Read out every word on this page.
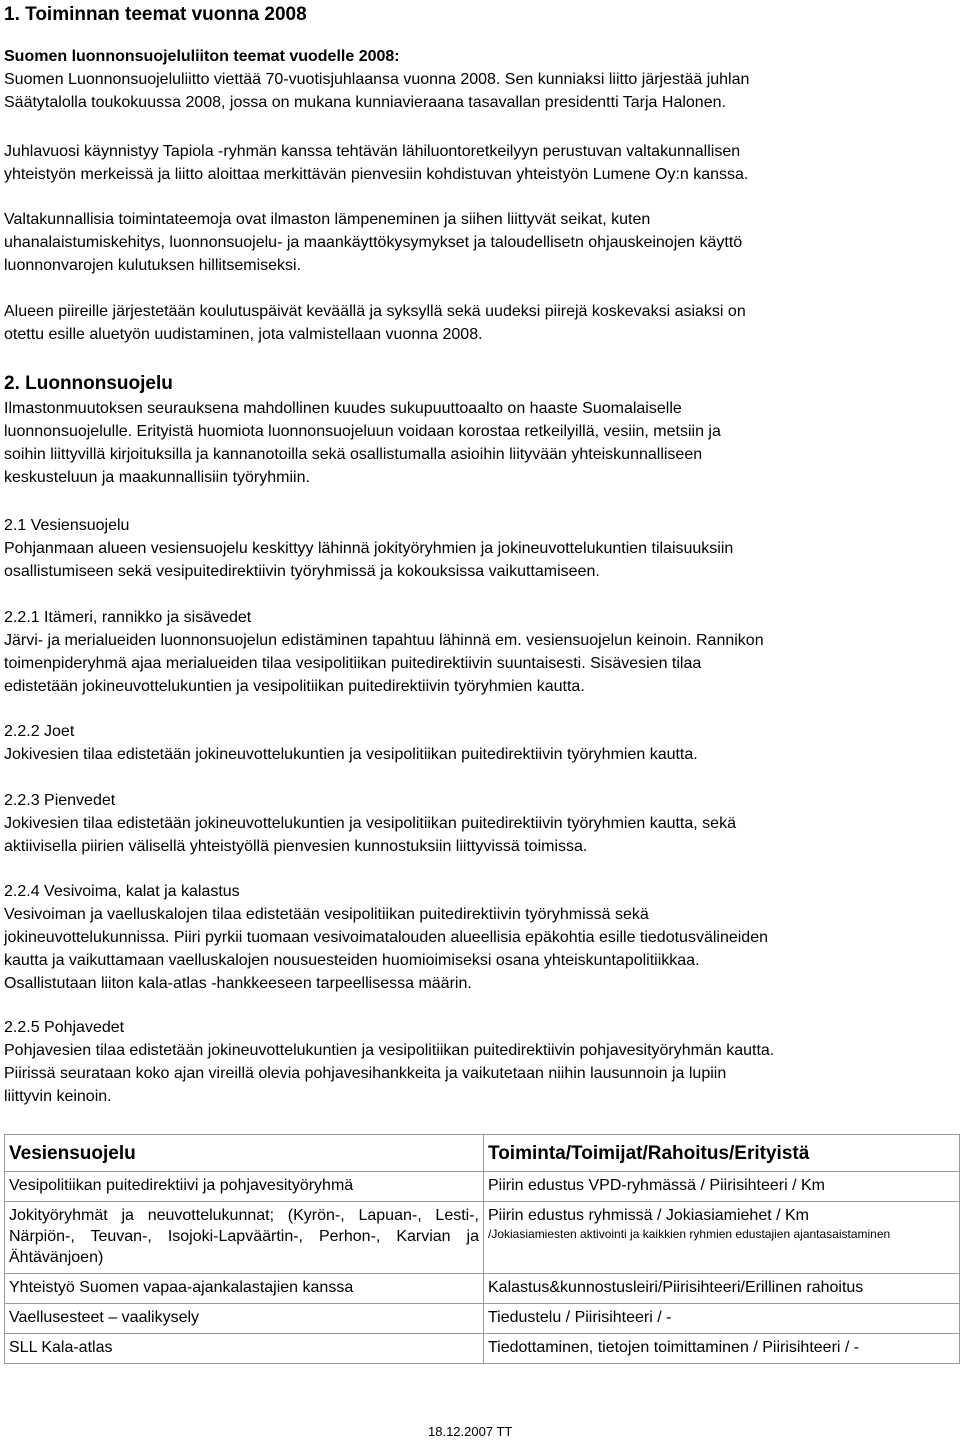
1. Toiminnan teemat vuonna 2008
Suomen luonnonsuojeluliiton teemat vuodelle 2008:
Suomen Luonnonsuojeluliitto viettää 70-vuotisjuhlaansa vuonna 2008. Sen kunniaksi liitto järjestää juhlan
Säätytalolla toukokuussa 2008, jossa on mukana kunniavieraana tasavallan presidentti Tarja Halonen.
Juhlavuosi käynnistyy Tapiola -ryhmän kanssa tehtävän lähiluontoretkeilyyn perustuvan valtakunnallisen
yhteistyön merkeissä ja liitto aloittaa merkittävän pienvesiin kohdistuvan yhteistyön Lumene Oy:n kanssa.
Valtakunnallisia toimintateemoja ovat ilmaston lämpeneminen ja siihen liittyvät seikat, kuten
uhanalaistumiskehitys, luonnonsuojelu- ja maankäyttökysymykset ja taloudellisetn ohjauskeinojen käyttö
luonnonvarojen kulutuksen hillitsemiseksi.
Alueen piireille järjestetään koulutuspäivät keväällä ja syksyllä sekä uudeksi piirejä koskevaksi asiaksi on
otettu esille aluetyön uudistaminen, jota valmistellaan vuonna 2008.
2. Luonnonsuojelu
Ilmastonmuutoksen seurauksena mahdollinen kuudes sukupuuttoaalto on haaste Suomalaiselle
luonnonsuojelulle. Erityistä huomiota luonnonsuojeluun voidaan korostaa retkeilyillä, vesiin, metsiin ja
soihin liittyvillä kirjoituksilla ja kannanotoilla sekä osallistumalla asioihin liityvään yhteiskunnalliseen
keskusteluun ja maakunnallisiin työryhmiin.
2.1 Vesiensuojelu
Pohjanmaan alueen vesiensuojelu keskittyy lähinnä jokityöryhmien ja jokineuvottelukuntien tilaisuuksiin
osallistumiseen sekä vesipuitedirektiivin työryhmissä ja kokouksissa vaikuttamiseen.
2.2.1 Itämeri, rannikko ja sisävedet
Järvi- ja merialueiden luonnonsuojelun edistäminen tapahtuu lähinnä em. vesiensuojelun keinoin. Rannikon
toimenpideryhmä ajaa merialueiden tilaa vesipolitiikan puitedirektiivin suuntaisesti. Sisävesien tilaa
edistetään jokineuvottelukuntien ja vesipolitiikan puitedirektiivin työryhmien kautta.
2.2.2 Joet
Jokivesien tilaa edistetään jokineuvottelukuntien ja vesipolitiikan puitedirektiivin työryhmien kautta.
2.2.3 Pienvedet
Jokivesien tilaa edistetään jokineuvottelukuntien ja vesipolitiikan puitedirektiivin työryhmien kautta, sekä
aktiivisella piirien välisellä yhteistyöllä pienvesien kunnostuksiin liittyvissä toimissa.
2.2.4 Vesivoima, kalat ja kalastus
Vesivoiman ja vaelluskalojen tilaa edistetään vesipolitiikan puitedirektiivin työryhmissä sekä
jokineuvottelukunnissa. Piiri pyrkii tuomaan vesivoimatalouden alueellisia epäkohtia esille tiedotusvälineiden
kautta ja vaikuttamaan vaelluskalojen nousuesteiden huomioimiseksi osana yhteiskuntapolitiikkaa.
Osallistutaan liiton kala-atlas -hankkeeseen tarpeellisessa määrin.
2.2.5 Pohjavedet
Pohjavesien tilaa edistetään jokineuvottelukuntien ja vesipolitiikan puitedirektiivin pohjavesityöryhmän kautta.
Piirissä seurataan koko ajan vireillä olevia pohjavesihankkeita ja vaikutetaan niihin lausunnoin ja lupiin
liittyvin keinoin.
Vesiensuojelu	Toiminta/Toimijat/Rahoitus/Erityistä
Vesipolitiikan puitedirektiivi ja pohjavesityöryhmä	Piirin edustus VPD-ryhmässä / Piirisihteeri / Km
Jokityöryhmät ja neuvottelukunnat; (Kyrön-, Lapuan-, Lesti-, Närpiön-, Teuvan-, Isojoki-Lapväärtin-, Perhon-, Karvian ja Ähtävänjoen)	Piirin edustus ryhmissä / Jokiasiamiehet / Km
/Jokiasiamiesten aktivointi ja kaikkien ryhmien edustajien ajantasaistaminen

Yhteistyö Suomen vapaa-ajankalastajien kanssa	Kalastus&kunnostusleiri/Piirisihteeri/Erillinen rahoitus
Vaellusesteet – vaalikysely	Tiedustelu / Piirisihteeri / -
SLL Kala-atlas	Tiedottaminen, tietojen toimittaminen / Piirisihteeri / -
18.12.2007 TT
